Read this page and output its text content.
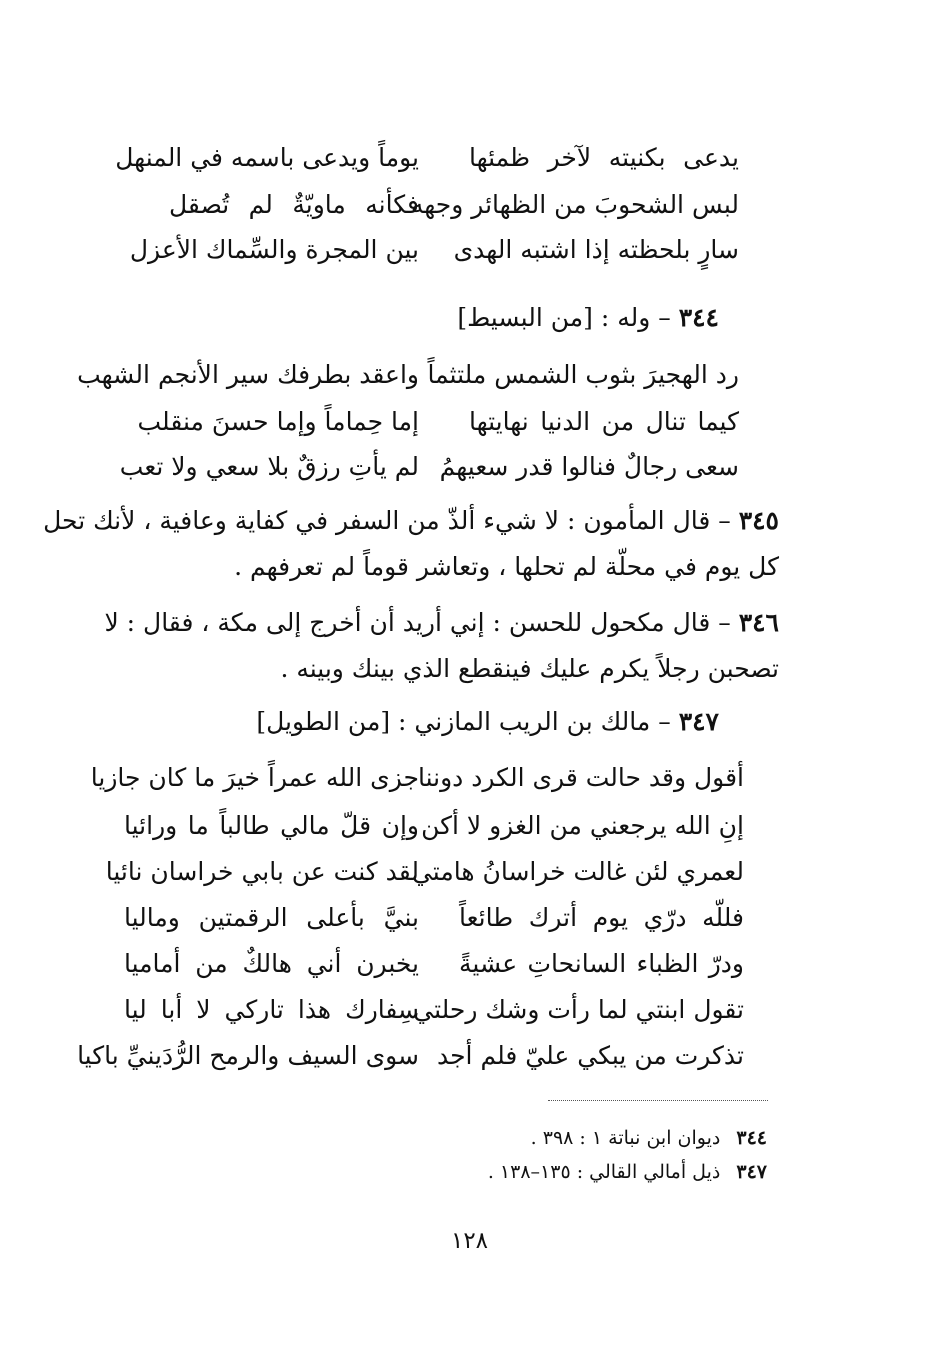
يدعى بكنيته لآخر ظمئها
يوماً ويدعى باسمه في المنهل
لبس الشحوبَ من الظهائر وجهه
فكأنه ماويّةٌ لم تُصقل
سارٍ بلحظته إذا اشتبه الهدى
بين المجرة والسِّماك الأعزل
٣٤٤ – وله : [من البسيط]
رد الهجيرَ بثوب الشمس ملتثماً
واعقد بطرفك سير الأنجم الشهب
كيما تنال من الدنيا نهايتها
إما حِماماً وإما حسنَ منقلب
سعى رجالٌ فنالوا قدر سعيهمُ
لم يأتِ رزقٌ بلا سعي ولا تعب
٣٤٥ – قال المأمون : لا شيء ألذّ من السفر في كفاية وعافية ، لأنك تحل
كل يوم في محلّة لم تحلها ، وتعاشر قوماً لم تعرفهم .
٣٤٦ – قال مكحول للحسن : إني أريد أن أخرج إلى مكة ، فقال : لا
تصحبن رجلاً يكرم عليك فينقطع الذي بينك وبينه .
٣٤٧ – مالك بن الريب المازني : [من الطويل]
أقول وقد حالت قرى الكرد دوننا
جزى الله عمراً خيرَ ما كان جازيا
إنِ الله يرجعني من الغزو لا أكن
وإن قلّ مالي طالباً ما ورائيا
لعمري لئن غالت خراسانُ هامتي
لقد كنت عن بابي خراسان نائيا
فللّه درّي يوم أترك طائعاً
بنيَّ بأعلى الرقمتين وماليا
ودرّ الظباء السانحاتِ عشيةً
يخبرن أني هالكٌ من أماميا
تقول ابنتي لما رأت وشك رحلتي
سِفارك هذا تاركي لا أبا ليا
تذكرت من يبكي عليّ فلم أجد
سوى السيف والرمح الرُّدَينيِّ باكيا
٣٤٤ ديوان ابن نباتة ١ : ٣٩٨ .
٣٤٧ ذيل أمالي القالي : ١٣٥–١٣٨ .
١٢٨
